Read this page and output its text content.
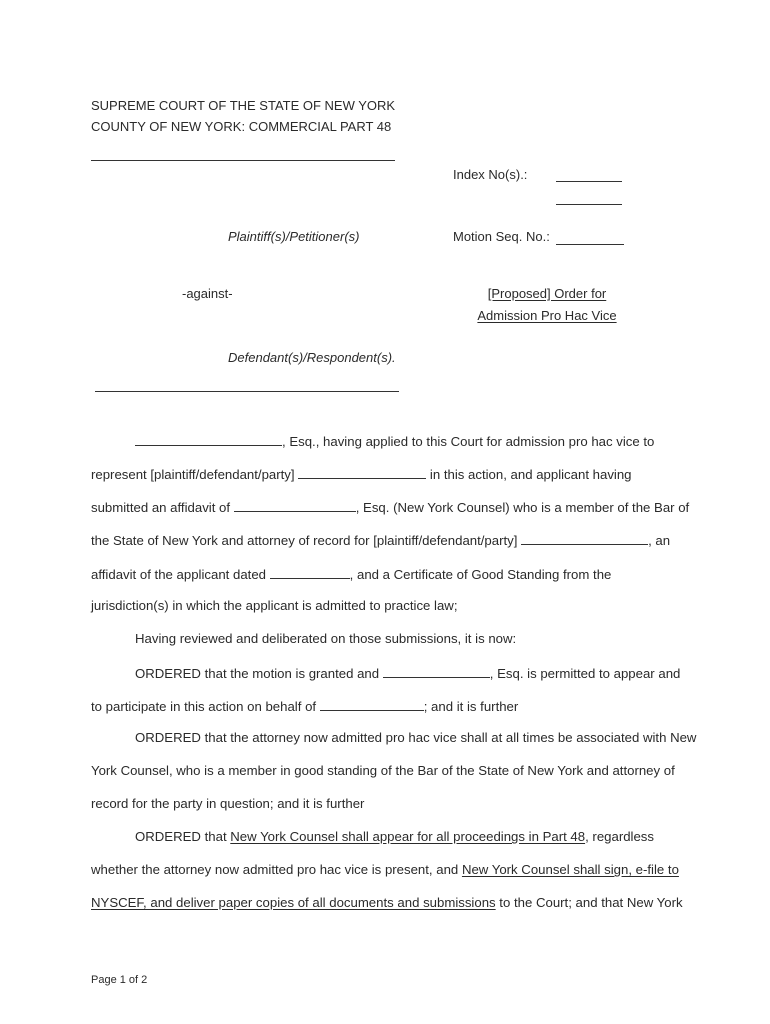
SUPREME COURT OF THE STATE OF NEW YORK
COUNTY OF NEW YORK: COMMERCIAL PART 48
Index No(s).:
Plaintiff(s)/Petitioner(s)	Motion Seq. No.:
-against-	[Proposed] Order for
Admission Pro Hac Vice
Defendant(s)/Respondent(s).
, Esq., having applied to this Court for admission pro hac vice to
represent [plaintiff/defendant/party]	in this action, and applicant having
submitted an affidavit of	, Esq. (New York Counsel) who is a member of the Bar of
the State of New York and attorney of record for [plaintiff/defendant/party]	, an
affidavit of the applicant dated	, and a Certificate of Good Standing from the
jurisdiction(s) in which the applicant is admitted to practice law;
Having reviewed and deliberated on those submissions, it is now:
ORDERED that the motion is granted and	, Esq. is permitted to appear and
to participate in this action on behalf of	; and it is further
ORDERED that the attorney now admitted pro hac vice shall at all times be associated with New
York Counsel, who is a member in good standing of the Bar of the State of New York and attorney of
record for the party in question; and it is further
ORDERED that New York Counsel shall appear for all proceedings in Part 48, regardless
whether the attorney now admitted pro hac vice is present, and New York Counsel shall sign, e-file to
NYSCEF, and deliver paper copies of all documents and submissions to the Court; and that New York
Page 1 of 2
